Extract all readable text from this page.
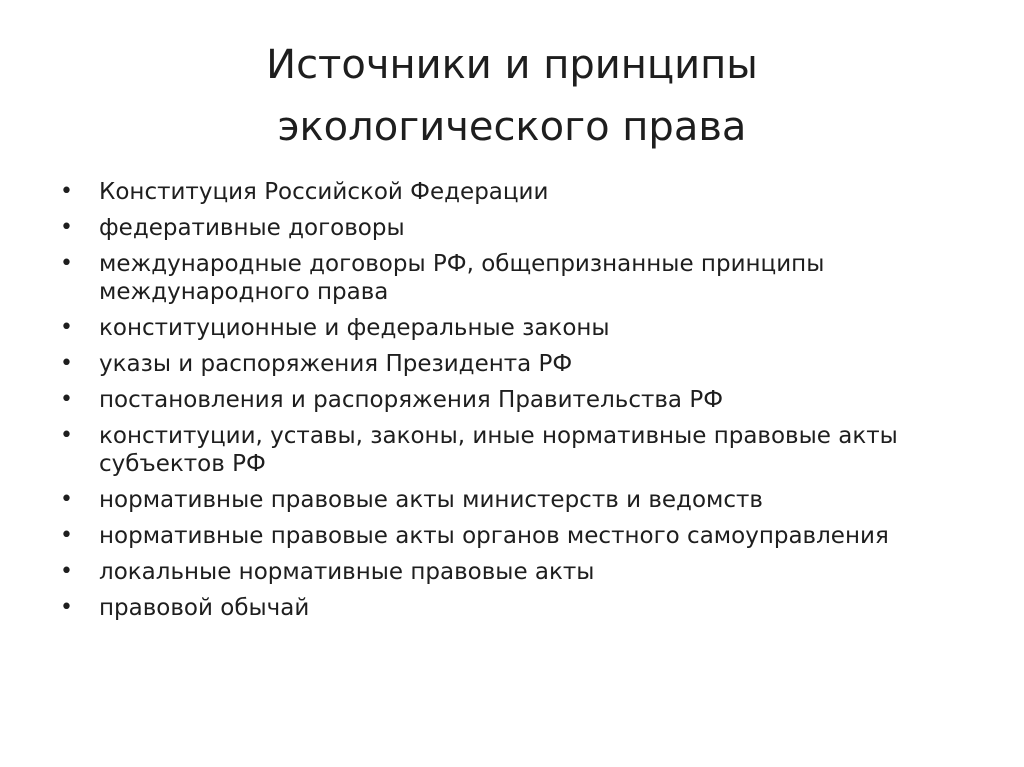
Источники и принципы
экологического права
• Конституция Российской Федерации
• федеративные договоры
• международные договоры РФ, общепризнанные принципы международного права
• конституционные и федеральные законы
• указы и распоряжения Президента РФ
• постановления и распоряжения Правительства РФ
• конституции, уставы, законы, иные нормативные правовые акты субъектов РФ
• нормативные правовые акты министерств и ведомств
• нормативные правовые акты органов местного самоуправления
• локальные нормативные правовые акты
• правовой обычай
